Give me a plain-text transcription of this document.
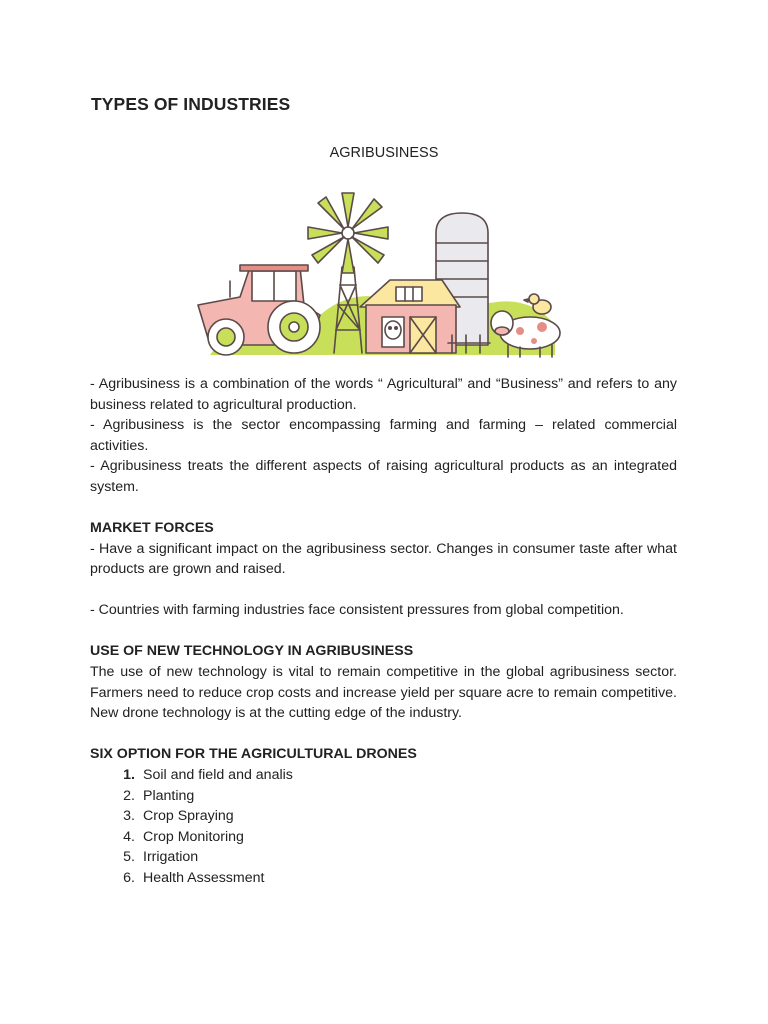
TYPES OF INDUSTRIES
AGRIBUSINESS

- Agribusiness is a combination of the words “ Agricultural” and “Business” and refers to any business related to agricultural production.

- Agribusiness is the sector encompassing farming and farming – related commercial activities.

- Agribusiness treats the different aspects of raising agricultural products as an integrated system.

MARKET FORCES

- Have a significant impact on the agribusiness sector. Changes in consumer taste after what products are grown and raised.

- Countries with farming industries face consistent pressures from global competition.

USE OF NEW TECHNOLOGY IN AGRIBUSINESS

The use of new technology is vital to remain competitive in the global agribusiness sector. Farmers need to reduce crop costs and increase yield per square acre to remain competitive. New drone technology is at the cutting edge of the industry.

SIX OPTION FOR THE AGRICULTURAL DRONES
1. Soil and field and analis
2. Planting
3. Crop Spraying
4. Crop Monitoring
5. Irrigation
6. Health Assessment
